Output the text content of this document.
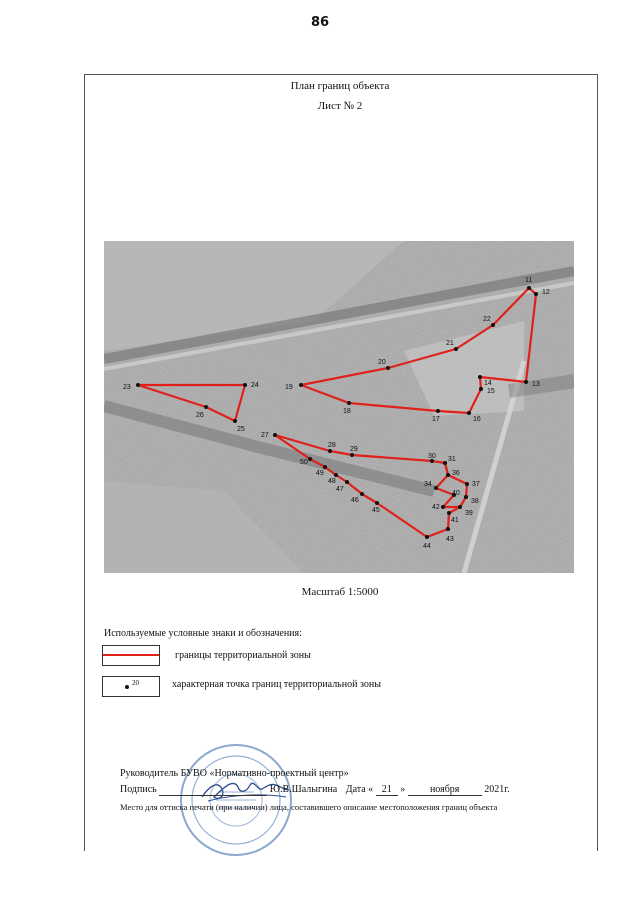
86
План границ объекта
Лист № 2
11
12
13
14
15
16
17
18
19
20
21
22
23	24
25
26
27
28
29
30 31
34
36
37
38
39
40
41
42
43
44
45
46
47
48
49
50
Масштаб 1:5000
Используемые условные знаки и обозначения:
границы территориальной зоны
20	характерная точка границ территориальной зоны
Руководитель БУВО «Нормативно-проектный центр»
Подпись	Ю.В.Шалыгина Дата « 21 » ноября 2021г.
Место для оттиска печати (при наличии) лица, составившего описание местоположения границ объекта
